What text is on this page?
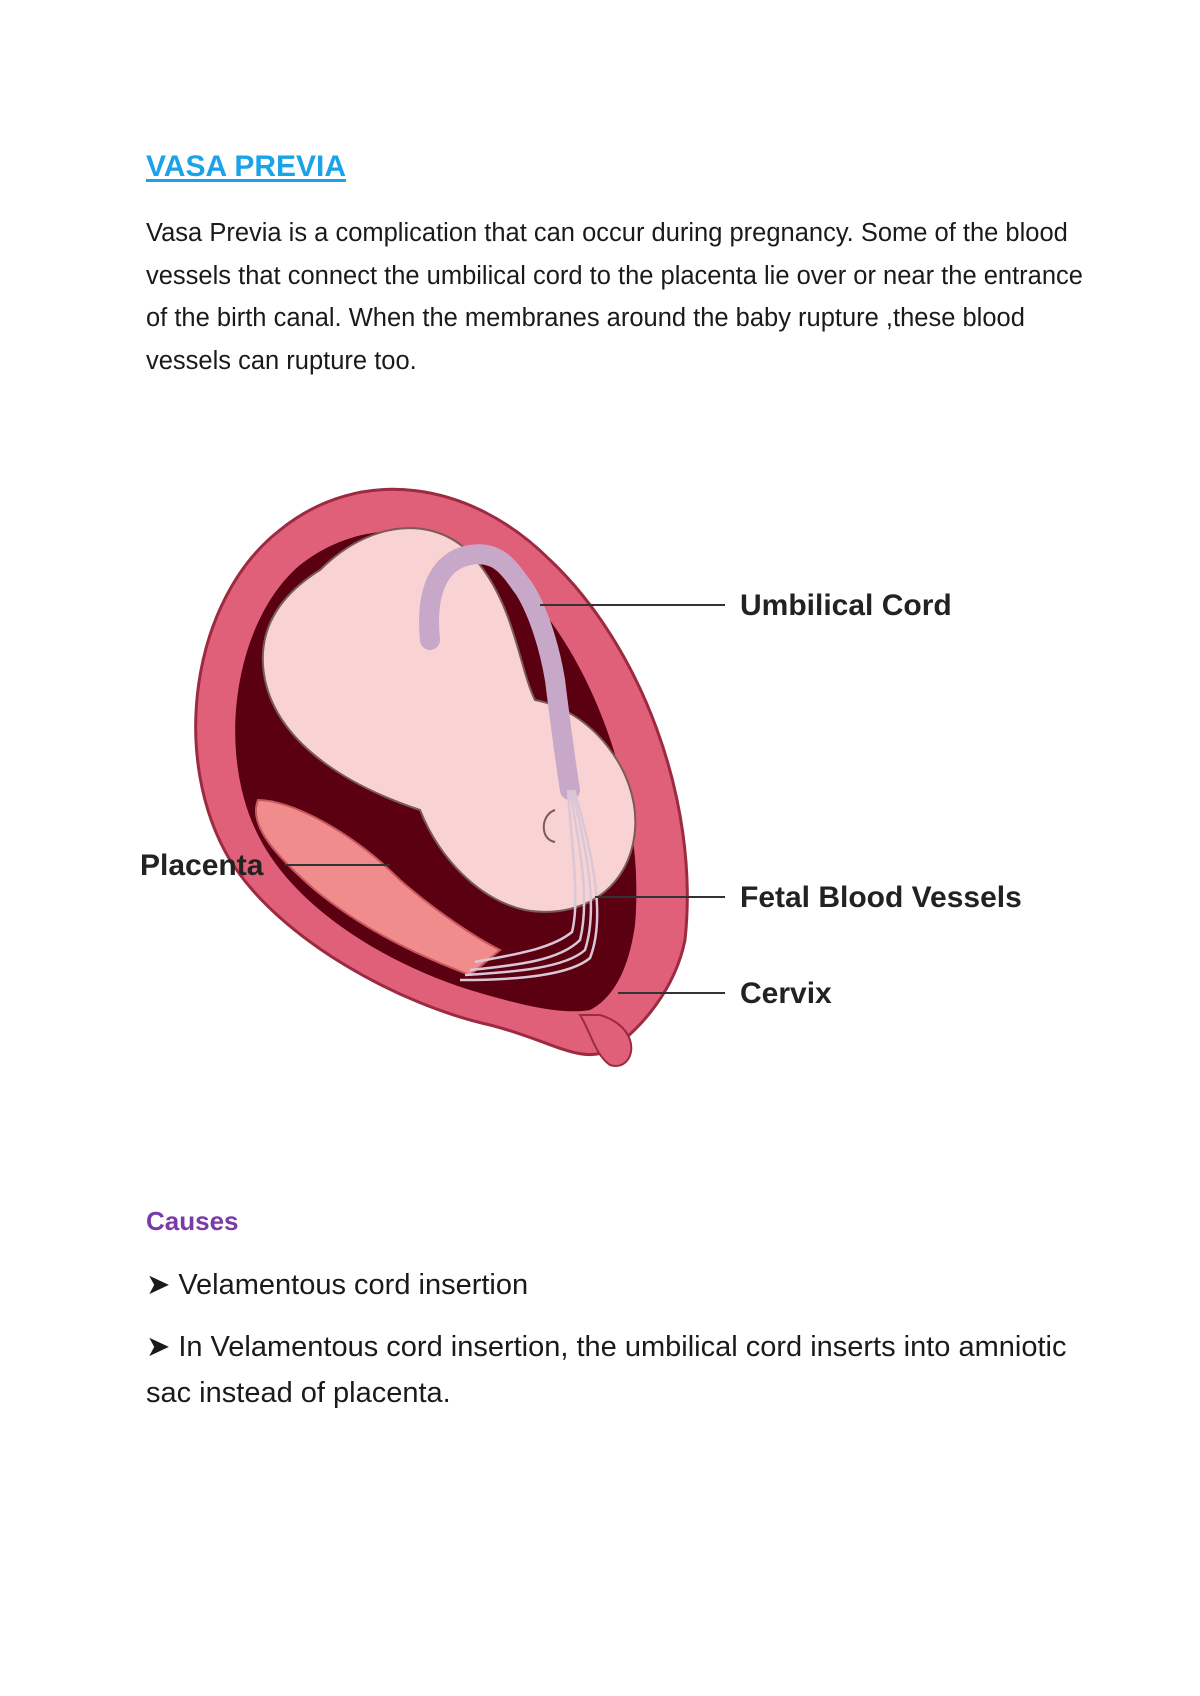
VASA PREVIA

Vasa Previa is a complication that can occur during pregnancy. Some of the blood vessels that connect the umbilical cord to the placenta lie over or near the entrance of the birth canal. When the membranes around the baby rupture ,these blood vessels can rupture too.

Umbilical Cord
Placenta
Fetal Blood Vessels
Cervix
Causes

➤ Velamentous cord insertion

➤ In Velamentous cord insertion, the umbilical cord inserts into amniotic sac instead of placenta.
